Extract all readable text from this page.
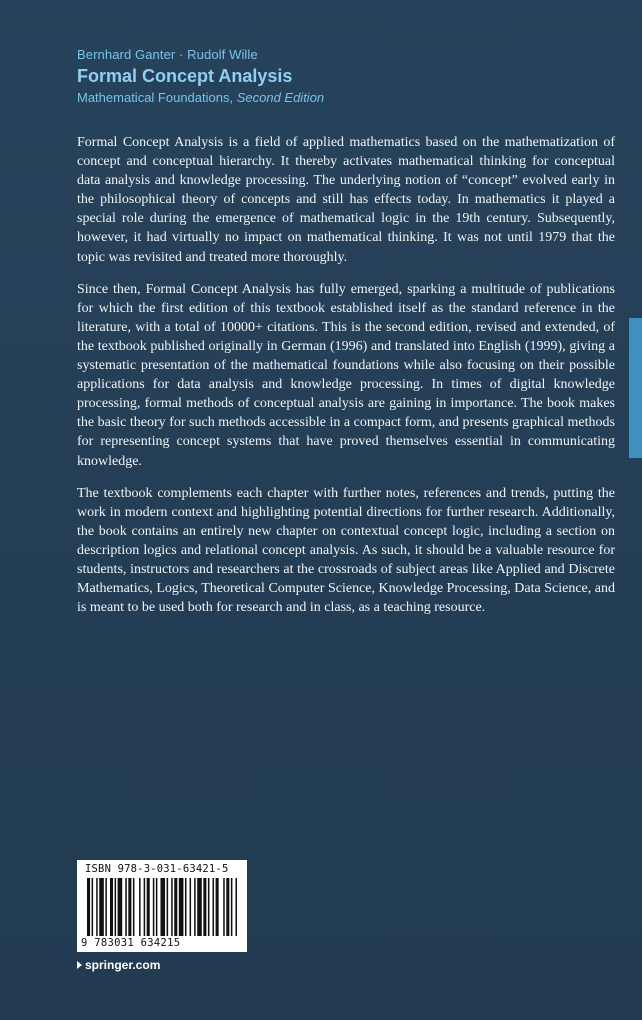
Bernhard Ganter · Rudolf Wille
Formal Concept Analysis
Mathematical Foundations, Second Edition

Formal Concept Analysis is a field of applied mathematics based on the mathematization of concept and conceptual hierarchy. It thereby activates mathematical thinking for conceptual data analysis and knowledge processing. The underlying notion of “concept” evolved early in the philosophical theory of concepts and still has effects today. In mathematics it played a special role during the emergence of mathematical logic in the 19th century. Subsequently, however, it had virtually no impact on mathematical thinking. It was not until 1979 that the topic was revisited and treated more thoroughly.

Since then, Formal Concept Analysis has fully emerged, sparking a multitude of publications for which the first edition of this textbook established itself as the standard reference in the literature, with a total of 10000+ citations. This is the second edition, revised and extended, of the textbook published originally in German (1996) and translated into English (1999), giving a systematic presentation of the mathematical foundations while also focusing on their possible applications for data analysis and knowledge processing. In times of digital knowledge processing, formal methods of conceptual analysis are gaining in importance. The book makes the basic theory for such methods accessible in a compact form, and presents graphical methods for representing concept systems that have proved themselves essential in communicating knowledge.

The textbook complements each chapter with further notes, references and trends, putting the work in modern context and highlighting potential directions for further research. Additionally, the book contains an entirely new chapter on contextual concept logic, including a section on description logics and relational concept analysis. As such, it should be a valuable resource for students, instructors and researchers at the crossroads of subject areas like Applied and Discrete Mathematics, Logics, Theoretical Computer Science, Knowledge Processing, Data Science, and is meant to be used both for research and in class, as a teaching resource.

ISBN 978-3-031-63421-5
9 783031 634215
springer.com
